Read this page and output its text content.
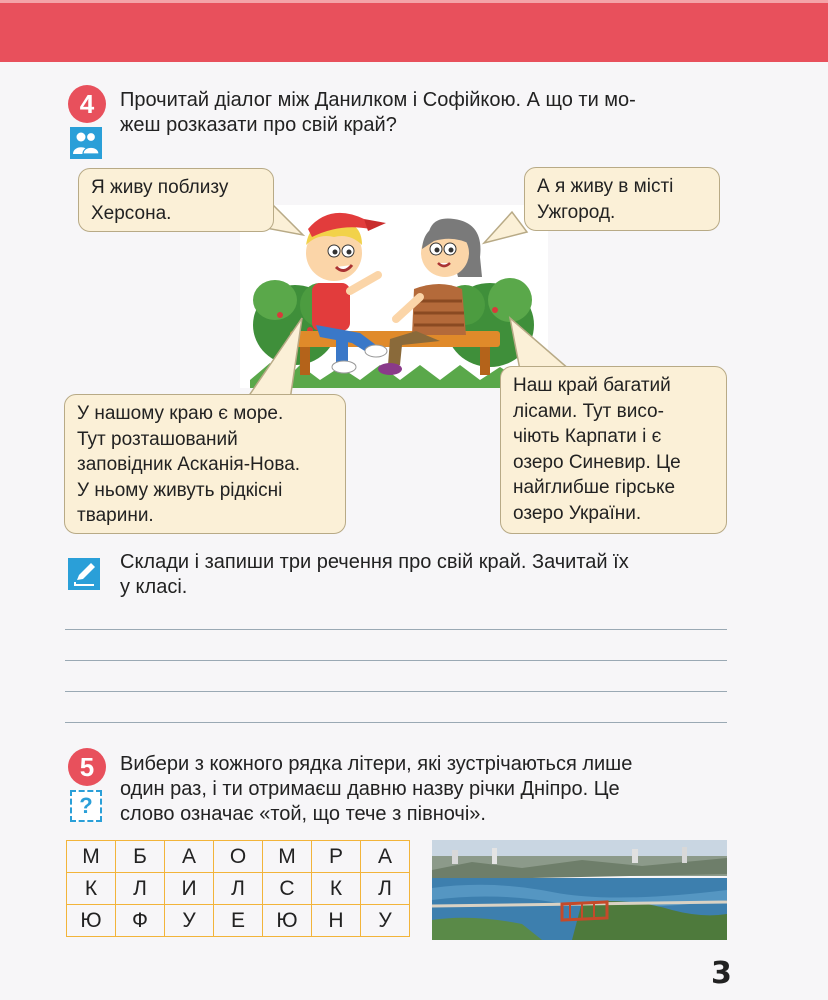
4	Прочитай діалог між Данилком і Софійкою. А що ти мо-
жеш розказати про свій край?
Я живу поблизу
Херсона.
А я живу в місті
Ужгород.
У нашому краю є море.
Тут розташований
заповідник Асканія-Нова.
У ньому живуть рідкісні
тварини.
Наш край багатий
лісами. Тут висо-
чіють Карпати і є
озеро Синевир. Це
найглибше гірське
озеро України.
Склади і запиши три речення про свій край. Зачитай їх
у класі.
5
?
Вибери з кожного рядка літери, які зустрічаються лише
один раз, і ти отримаєш давню назву річки Дніпро. Це
слово означає «той, що тече з півночі».
М	Б	А	О	М	Р	А
К	Л	И	Л	С	К	Л
Ю	Ф	У	Е	Ю	Н	У
3
